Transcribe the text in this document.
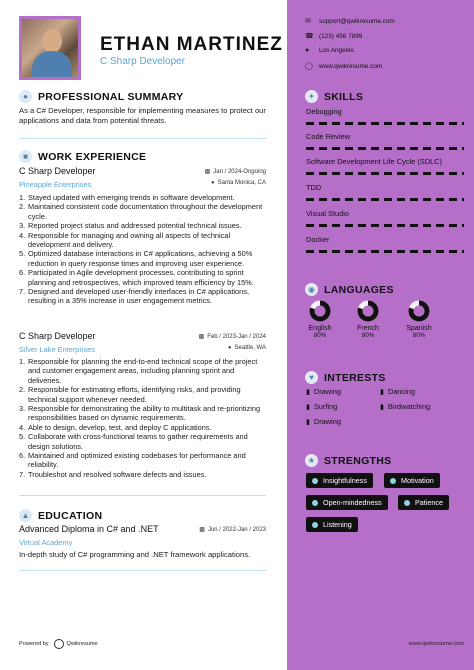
ETHAN MARTINEZ
C Sharp Developer
● PROFESSIONAL SUMMARY
As a C# Developer, responsible for implementing measures to protect our applications and data from potential threats.
■ WORK EXPERIENCE
C Sharp Developer	▩ Jan / 2024-Ongoing
Pineapple Enterprises	● Santa Monica, CA
1. Stayed updated with emerging trends in software development.
2. Maintained consistent code documentation throughout the development cycle.
3. Reported project status and addressed potential technical issues.
4. Responsible for managing and owning all aspects of technical development and delivery.
5. Optimized database interactions in C# applications, achieving a 50% reduction in query response times and improving user experience.
6. Participated in Agile development processes, contributing to sprint planning and retrospectives, which improved team efficiency by 15%.
7. Designed and developed user-friendly interfaces in C# applications, resulting in a 35% increase in user engagement metrics.
C Sharp Developer	▩ Feb / 2023-Jan / 2024
Silver Lake Enterprises	● Seattle, WA
1. Responsible for planning the end-to-end technical scope of the project and customer engagement areas, including planning sprint and deliveries.
2. Responsible for estimating efforts, identifying risks, and providing technical support whenever needed.
3. Responsible for demonstrating the ability to multitask and re-prioritizing responsibilities based on dynamic requirements.
4. Able to design, develop, test, and deploy C applications.
5. Collaborate with cross-functional teams to gather requirements and design solutions.
6. Maintained and optimized existing codebases for performance and reliability.
7. Troubleshot and resolved software defects and issues.
▲ EDUCATION
Advanced Diploma in C# and .NET	▩ Jun / 2022-Jan / 2023
Virtual Academy
In-depth study of C# programming and .NET framework applications.
Powered by	Qwikresume
✉	support@qwikresume.com
☎ (123) 456 7899
●	Los Angeles
◯ www.qwikresume.com
✦ SKILLS
Debugging
Code Review
Software Development Life Cycle (SDLC)
TDD
Visual Studio
Docker
◉ LANGUAGES
English
80%
French
80%
Spanish
80%
♥ INTERESTS
▮ Drawing	▮ Dancing
▮ Surfing	▮ Birdwatching
▮ Drawing
★ STRENGTHS
Insightfulness	Motivation
Open-mindedness	Patience
Listening
www.qwikresume.com
